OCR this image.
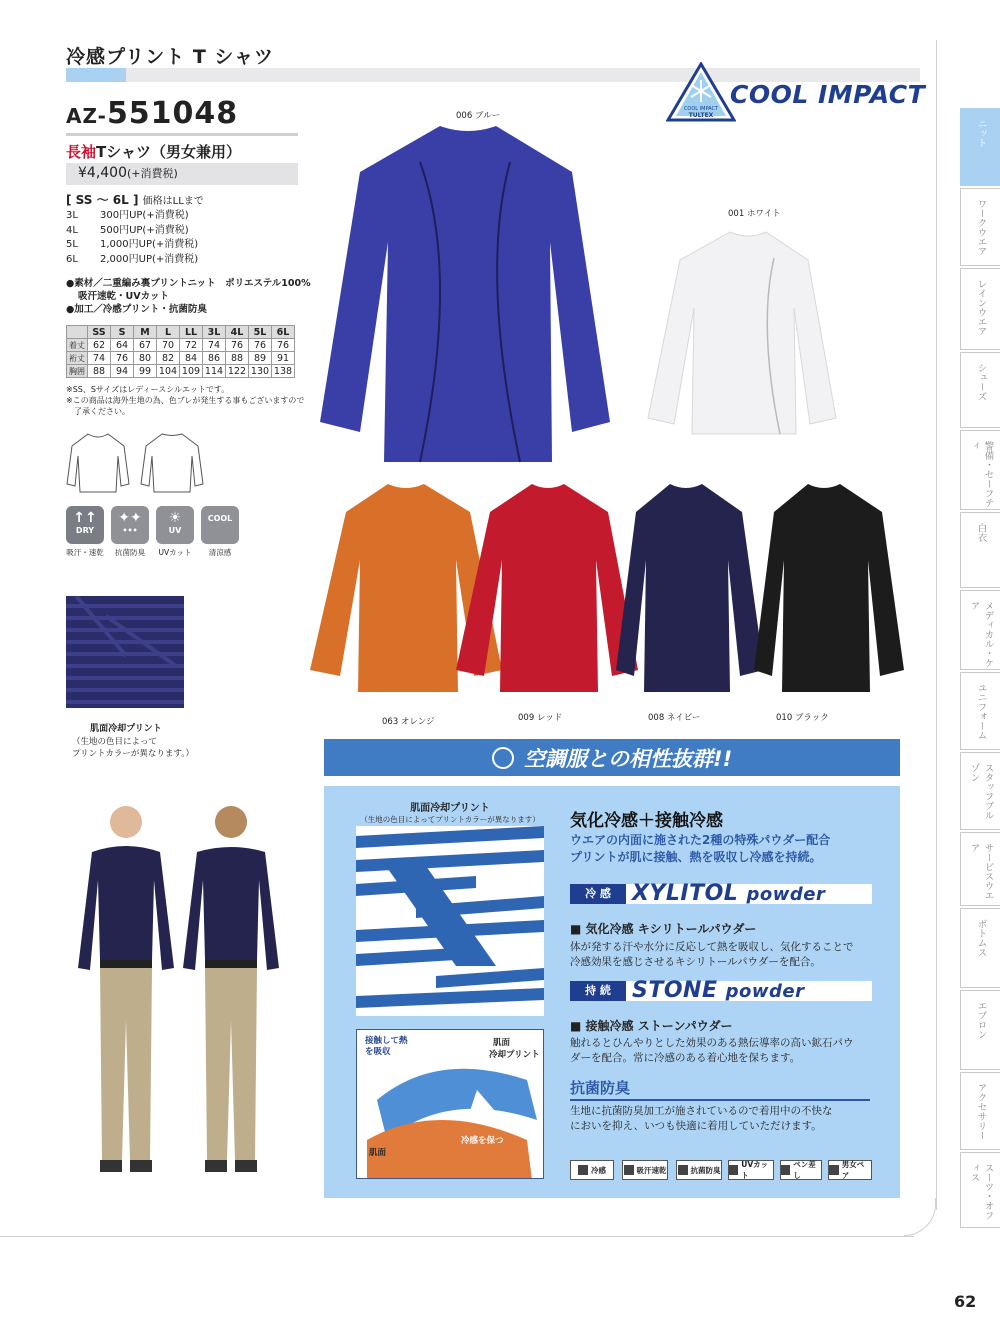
冷感プリント T シャツ
COOL IMPACT
TULTEX
COOL IMPACT
AZ-551048
長袖Tシャツ（男女兼用）
¥4,400(+消費税)
[ SS ～ 6L ] 価格はLLまで
3L	300円UP(+消費税)
4L	500円UP(+消費税)
5L	1,000円UP(+消費税)
6L	2,000円UP(+消費税)
●素材／二重編み裏プリントニット　ポリエステル100%
吸汗速乾・UVカット
●加工／冷感プリント・抗菌防臭
	SS	S	M	L	LL	3L	4L	5L	6L
着丈	62	64	67	70	72	74	76	76	76
裄丈	74	76	80	82	84	86	88	89	91
胸囲	88	94	99	104	109	114	122	130	138
※SS、Sサイズはレディースシルエットです。
※この商品は海外生地の為、色ブレが発生する事もございますので
　了承ください。
↑↑
DRY
✦✦
•••
☀
UV
COOL
吸汗・速乾	抗菌防臭	UVカット	清涼感
肌面冷却プリント
（生地の色目によって
プリントカラーが異なります。）
006 ブルー
001 ホワイト
063 オレンジ	009 レッド	008 ネイビー	010 ブラック
空調服との相性抜群!!
™
肌面冷却プリント
（生地の色目によってプリントカラーが異なります）
接触して熱を吸収
肌面
冷却プリント
冷感を保つ
肌面
気化冷感＋接触冷感
ウエアの内面に施された2種の特殊パウダー配合
プリントが肌に接触、熱を吸収し冷感を持続。
冷 感 XYLITOL powder
■ 気化冷感 キシリトールパウダー
体が発する汗や水分に反応して熱を吸収し、気化することで
冷感効果を感じさせるキシリトールパウダーを配合。
持 続 STONE powder
■ 接触冷感 ストーンパウダー
触れるとひんやりとした効果のある熱伝導率の高い鉱石パウ
ダーを配合。常に冷感のある着心地を保ちます。
抗菌防臭
生地に抗菌防臭加工が施されているので着用中の不快な
においを抑え、いつも快適に着用していただけます。
冷感	吸汗速乾	抗菌防臭
UVカット
ペン差し
男女ペア
ニット
ワークウエア
レインウエア
シューズ
警備・セーフティ
白衣
メディカル・ケア
ユニフォーム
スタッフブルゾン
サービスウエア
ボトムス
エプロン
アクセサリー
スーツ・オフィス
62
